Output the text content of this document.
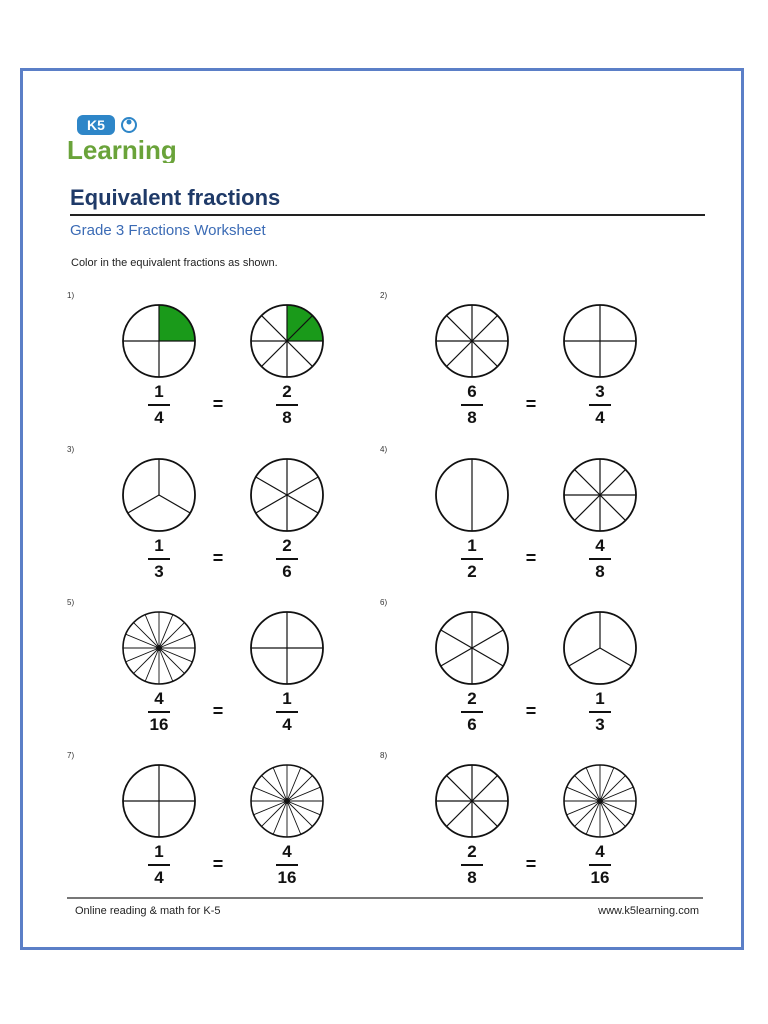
K5
Learning
Equivalent fractions
Grade 3 Fractions Worksheet
Color in the equivalent fractions as shown.
1)
1
4
2
8
=
2)
6
8
3
4
=
3)
1
3
2
6
=
4)
1
2
4
8
=
5)
4
16
1
4
=
6)
2
6
1
3
=
7)
1
4
4
16
=
8)
2
8
4
16
=
Online reading & math for K-5	www.k5learning.com
